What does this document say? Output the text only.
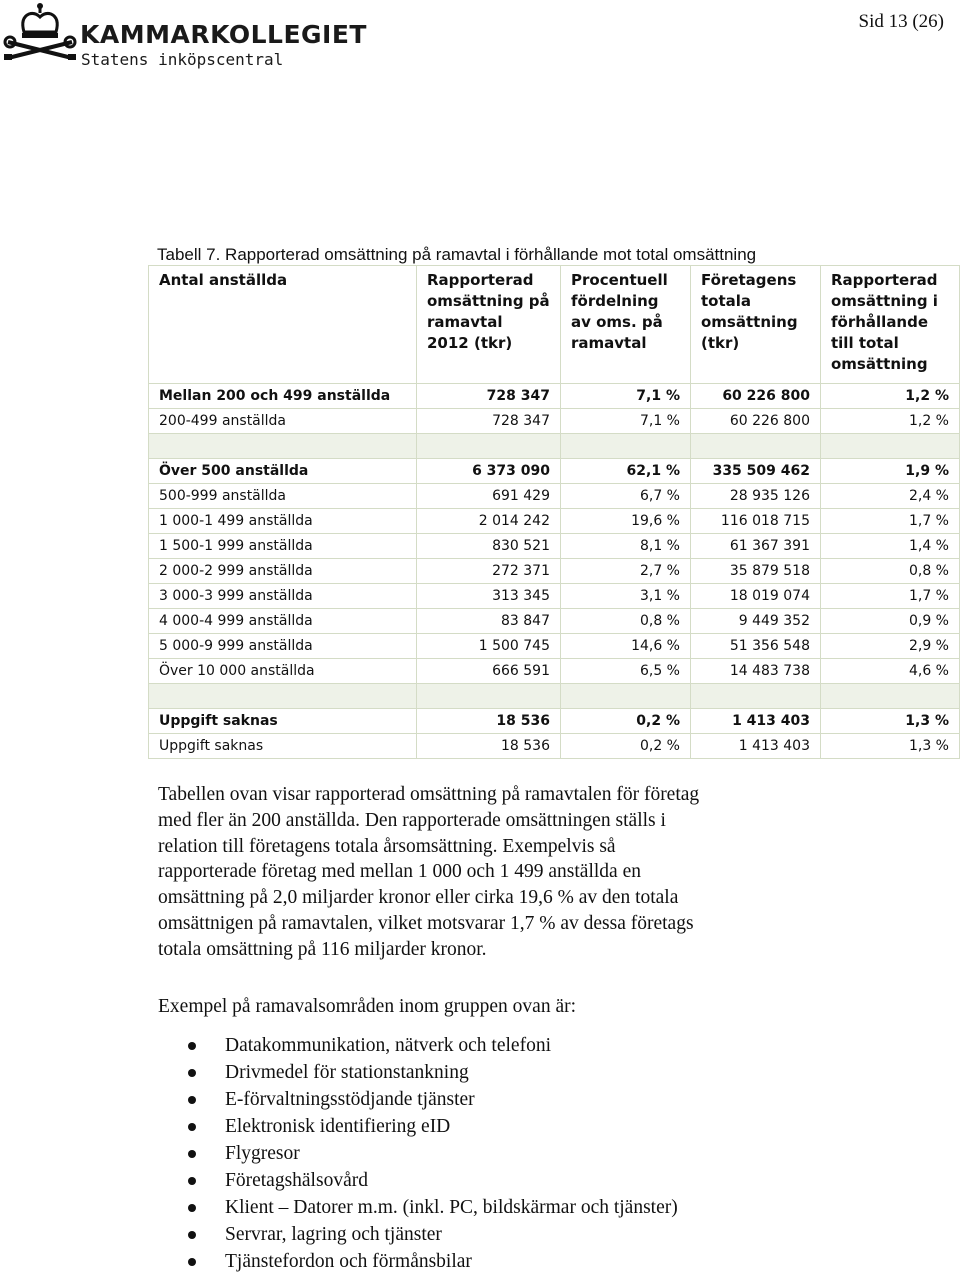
KAMMARKOLLEGIET
Statens inköpscentral
Sid 13 (26)
Tabell 7. Rapporterad omsättning på ramavtal i förhållande mot total omsättning
Antal anställda	Rapporterad
omsättning på
ramavtal
2012 (tkr)	Procentuell
fördelning
av oms. på
ramavtal	Företagens
totala
omsättning
(tkr)	Rapporterad
omsättning i
förhållande
till total
omsättning

Mellan 200 och 499 anställda	728 347	7,1 %	60 226 800	1,2 %
200-499 anställda	728 347	7,1 %	60 226 800	1,2 %

Över 500 anställda	6 373 090	62,1 %	335 509 462	1,9 %
500-999 anställda	691 429	6,7 %	28 935 126	2,4 %
1 000-1 499 anställda	2 014 242	19,6 %	116 018 715	1,7 %
1 500-1 999 anställda	830 521	8,1 %	61 367 391	1,4 %
2 000-2 999 anställda	272 371	2,7 %	35 879 518	0,8 %
3 000-3 999 anställda	313 345	3,1 %	18 019 074	1,7 %
4 000-4 999 anställda	83 847	0,8 %	9 449 352	0,9 %
5 000-9 999 anställda	1 500 745	14,6 %	51 356 548	2,9 %
Över 10 000 anställda	666 591	6,5 %	14 483 738	4,6 %

Uppgift saknas	18 536	0,2 %	1 413 403	1,3 %
Uppgift saknas	18 536	0,2 %	1 413 403	1,3 %
Tabellen ovan visar rapporterad omsättning på ramavtalen för företag
med fler än 200 anställda. Den rapporterade omsättningen ställs i
relation till företagens totala årsomsättning. Exempelvis så
rapporterade företag med mellan 1 000 och 1 499 anställda en
omsättning på 2,0 miljarder kronor eller cirka 19,6 % av den totala
omsättnigen på ramavtalen, vilket motsvarar 1,7 % av dessa företags
totala omsättning på 116 miljarder kronor.
Exempel på ramavalsområden inom gruppen ovan är:
Datakommunikation, nätverk och telefoni
Drivmedel för stationstankning
E-förvaltningsstödjande tjänster
Elektronisk identifiering eID
Flygresor
Företagshälsovård
Klient – Datorer m.m. (inkl. PC, bildskärmar och tjänster)
Servrar, lagring och tjänster
Tjänstefordon och förmånsbilar
